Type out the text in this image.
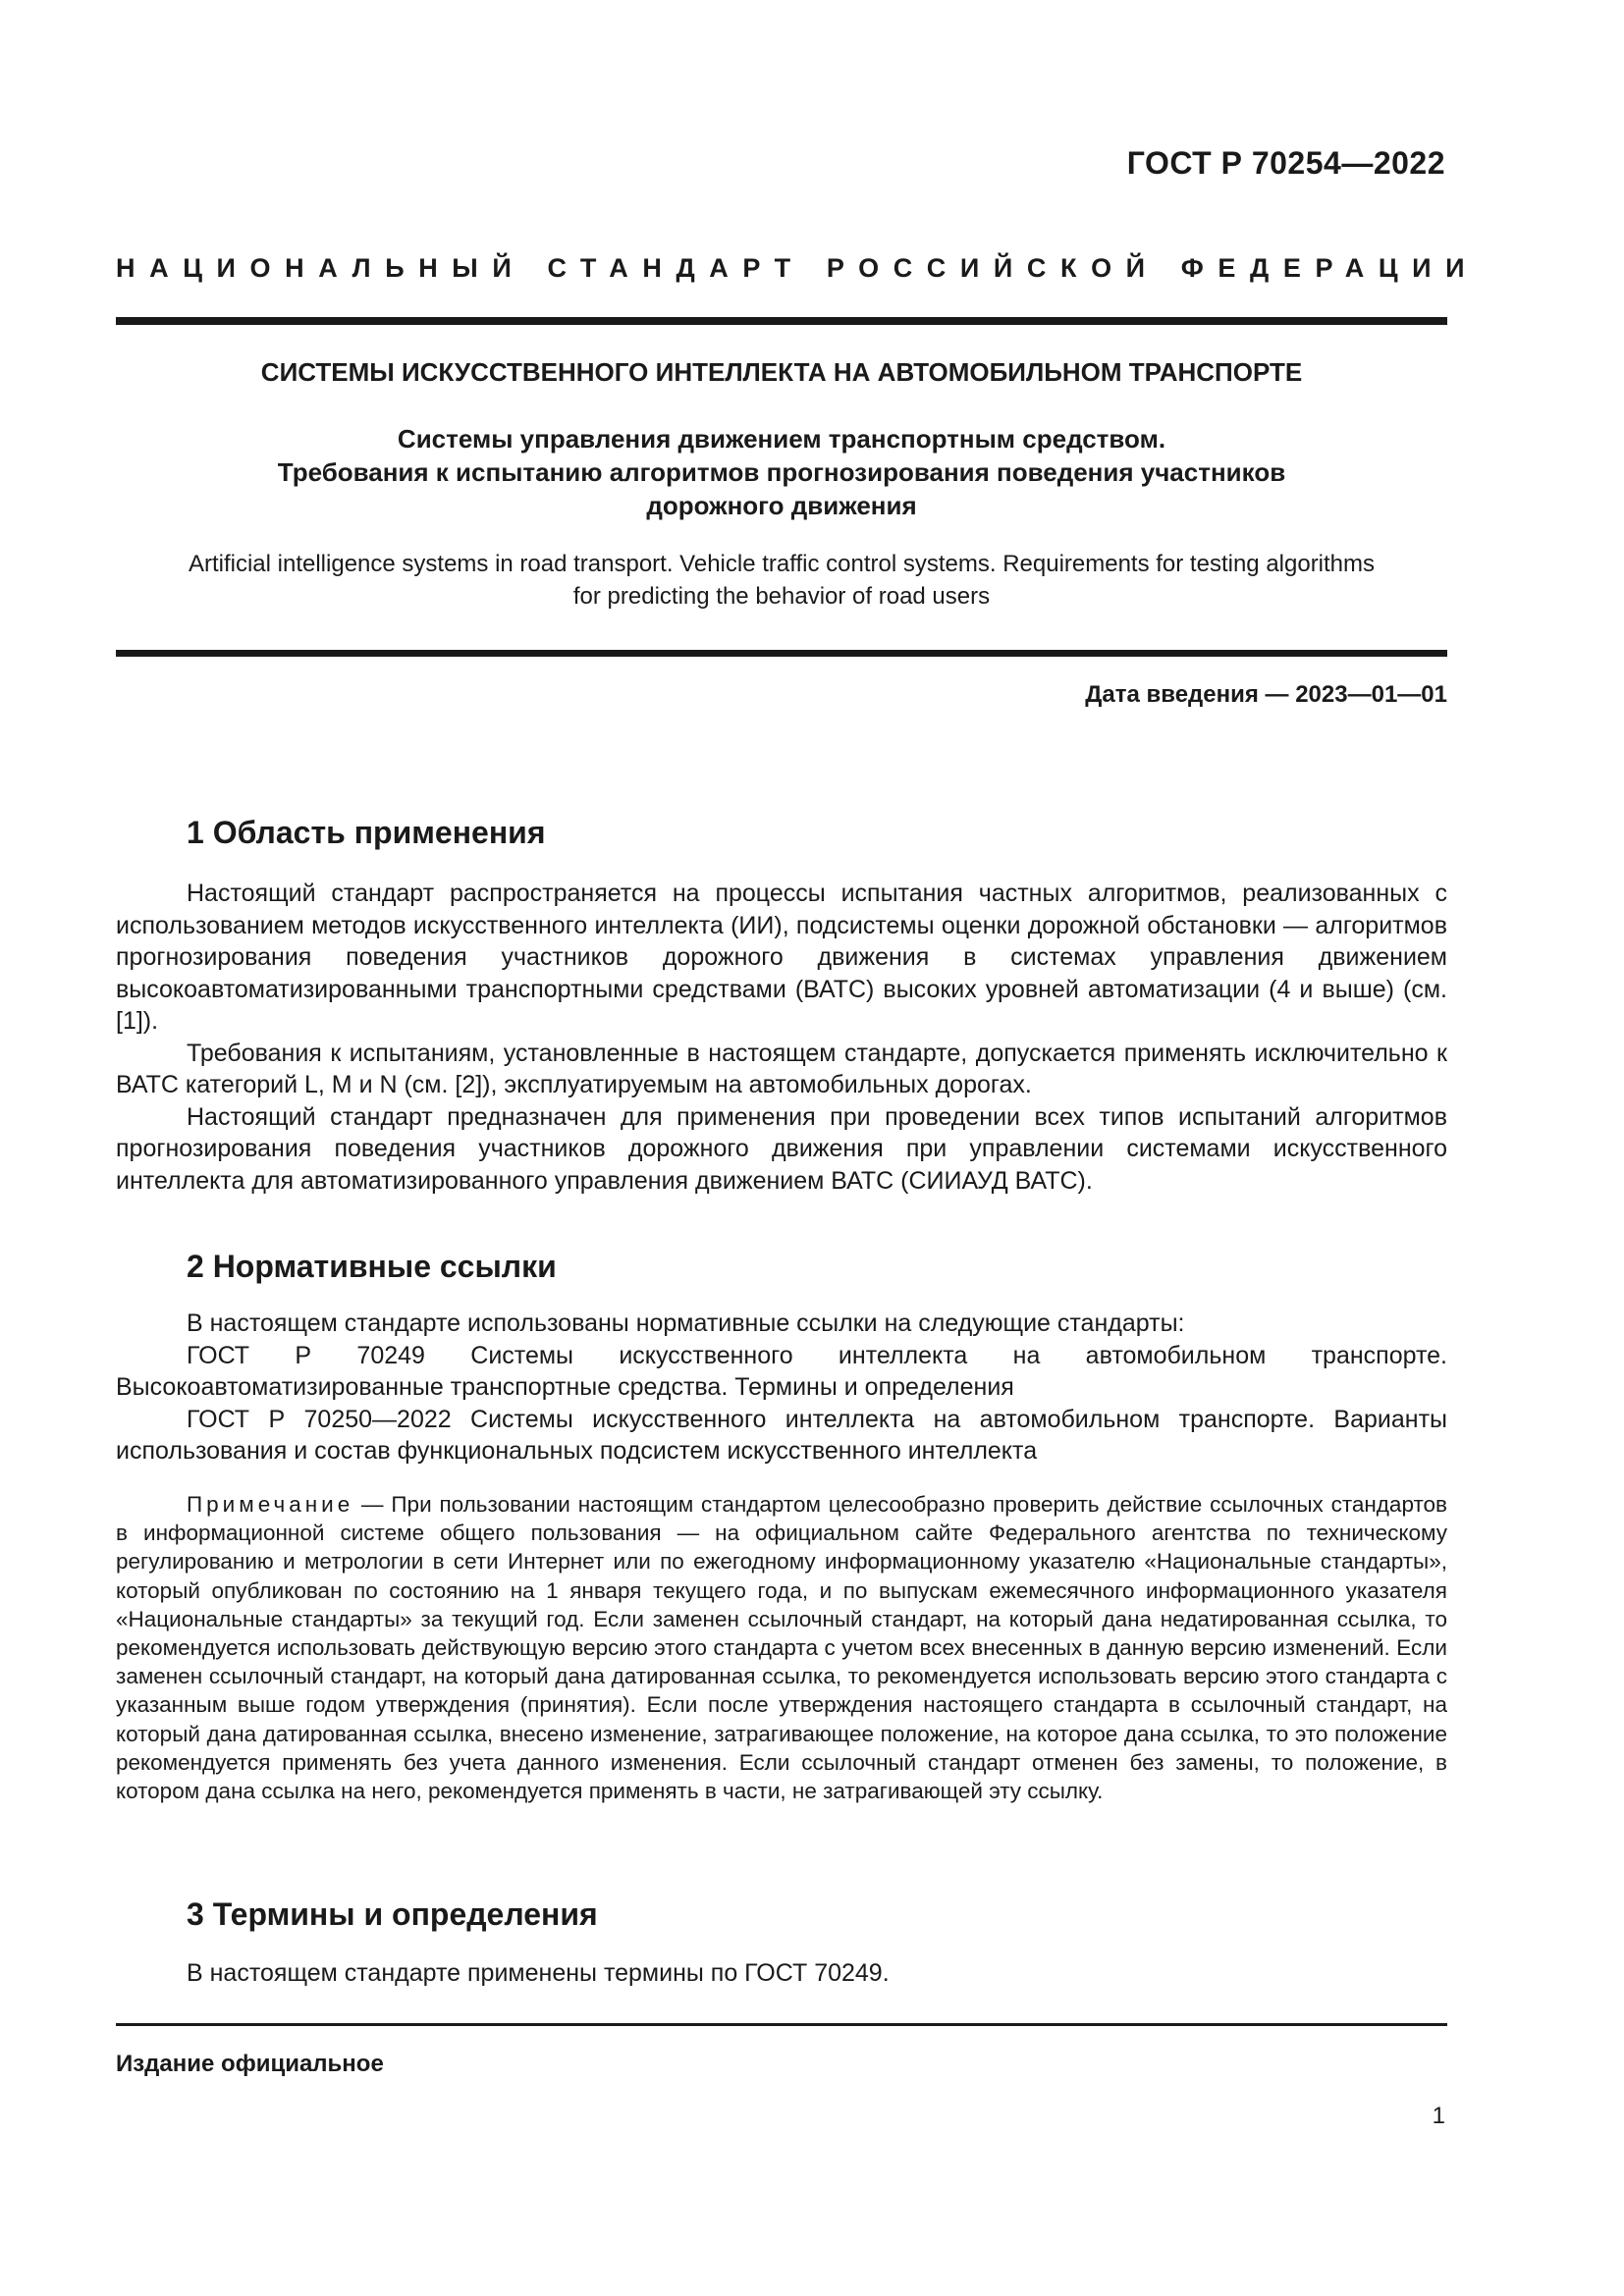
ГОСТ Р 70254—2022
НАЦИОНАЛЬНЫЙ СТАНДАРТ РОССИЙСКОЙ ФЕДЕРАЦИИ
СИСТЕМЫ ИСКУССТВЕННОГО ИНТЕЛЛЕКТА НА АВТОМОБИЛЬНОМ ТРАНСПОРТЕ
Системы управления движением транспортным средством.
Требования к испытанию алгоритмов прогнозирования поведения участников
дорожного движения
Artificial intelligence systems in road transport. Vehicle traffic control systems. Requirements for testing algorithms
for predicting the behavior of road users
Дата введения — 2023—01—01
1 Область применения

Настоящий стандарт распространяется на процессы испытания частных алгоритмов, реализованных с использованием методов искусственного интеллекта (ИИ), подсистемы оценки дорожной обстановки — алгоритмов прогнозирования поведения участников дорожного движения в системах управления движением высокоавтоматизированными транспортными средствами (ВАТС) высоких уровней автоматизации (4 и выше) (см. [1]).

Требования к испытаниям, установленные в настоящем стандарте, допускается применять исключительно к ВАТС категорий L, M и N (см. [2]), эксплуатируемым на автомобильных дорогах.

Настоящий стандарт предназначен для применения при проведении всех типов испытаний алгоритмов прогнозирования поведения участников дорожного движения при управлении системами искусственного интеллекта для автоматизированного управления движением ВАТС (СИИАУД ВАТС).

2 Нормативные ссылки

В настоящем стандарте использованы нормативные ссылки на следующие стандарты:

ГОСТ Р 70249 Системы искусственного интеллекта на автомобильном транспорте. Высокоавтоматизированные транспортные средства. Термины и определения

ГОСТ Р 70250—2022 Системы искусственного интеллекта на автомобильном транспорте. Варианты использования и состав функциональных подсистем искусственного интеллекта

Примечание — При пользовании настоящим стандартом целесообразно проверить действие ссылочных стандартов в информационной системе общего пользования — на официальном сайте Федерального агентства по техническому регулированию и метрологии в сети Интернет или по ежегодному информационному указателю «Национальные стандарты», который опубликован по состоянию на 1 января текущего года, и по выпускам ежемесячного информационного указателя «Национальные стандарты» за текущий год. Если заменен ссылочный стандарт, на который дана недатированная ссылка, то рекомендуется использовать действующую версию этого стандарта с учетом всех внесенных в данную версию изменений. Если заменен ссылочный стандарт, на который дана датированная ссылка, то рекомендуется использовать версию этого стандарта с указанным выше годом утверждения (принятия). Если после утверждения настоящего стандарта в ссылочный стандарт, на который дана датированная ссылка, внесено изменение, затрагивающее положение, на которое дана ссылка, то это положение рекомендуется применять без учета данного изменения. Если ссылочный стандарт отменен без замены, то положение, в котором дана ссылка на него, рекомендуется применять в части, не затрагивающей эту ссылку.

3 Термины и определения

В настоящем стандарте применены термины по ГОСТ 70249.

Издание официальное
1
